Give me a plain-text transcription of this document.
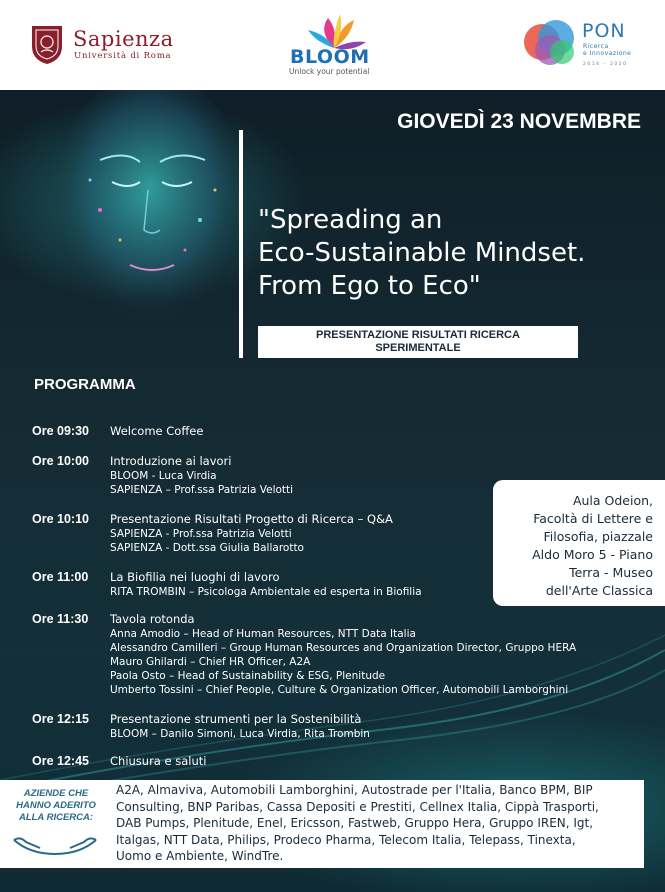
Sapienza
Università di Roma	BLOOM
Unlock your potential
PON
Ricerca
e Innovazione
2014 – 2020
GIOVEDÌ 23 NOVEMBRE
"Spreading an
Eco-Sustainable Mindset.
From Ego to Eco"
PRESENTAZIONE RISULTATI RICERCA SPERIMENTALE
PROGRAMMA
Ore 09:30 Welcome Coffee
Ore 10:00 Introduzione ai lavori
BLOOM - Luca Virdia
SAPIENZA – Prof.ssa Patrizia Velotti
Ore 10:10 Presentazione Risultati Progetto di Ricerca – Q&A
SAPIENZA - Prof.ssa Patrizia Velotti
SAPIENZA - Dott.ssa Giulia Ballarotto
Ore 11:00 La Biofilia nei luoghi di lavoro
RITA TROMBIN – Psicologa Ambientale ed esperta in Biofilia
Ore 11:30 Tavola rotonda
Anna Amodio – Head of Human Resources, NTT Data Italia
Alessandro Camilleri – Group Human Resources and Organization Director, Gruppo HERA
Mauro Ghilardi – Chief HR Officer, A2A
Paola Osto – Head of Sustainability & ESG, Plenitude
Umberto Tossini – Chief People, Culture & Organization Officer, Automobili Lamborghini
Ore 12:15 Presentazione strumenti per la Sostenibilità
BLOOM – Danilo Simoni, Luca Virdia, Rita Trombin
Ore 12:45 Chiusura e saluti

Aula Odeion,

Facoltà di Lettere e

Filosofia, piazzale

Aldo Moro 5 - Piano

Terra - Museo

dell'Arte Classica

AZIENDE CHE
HANNO ADERITO
ALLA RICERCA:
A2A, Almaviva, Automobili Lamborghini, Autostrade per l'Italia, Banco BPM, BIP
Consulting, BNP Paribas, Cassa Depositi e Prestiti, Cellnex Italia, Cippà Trasporti,
DAB Pumps, Plenitude, Enel, Ericsson, Fastweb, Gruppo Hera, Gruppo IREN, Igt,
Italgas, NTT Data, Philips, Prodeco Pharma, Telecom Italia, Telepass, Tinexta,
Uomo e Ambiente, WindTre.
